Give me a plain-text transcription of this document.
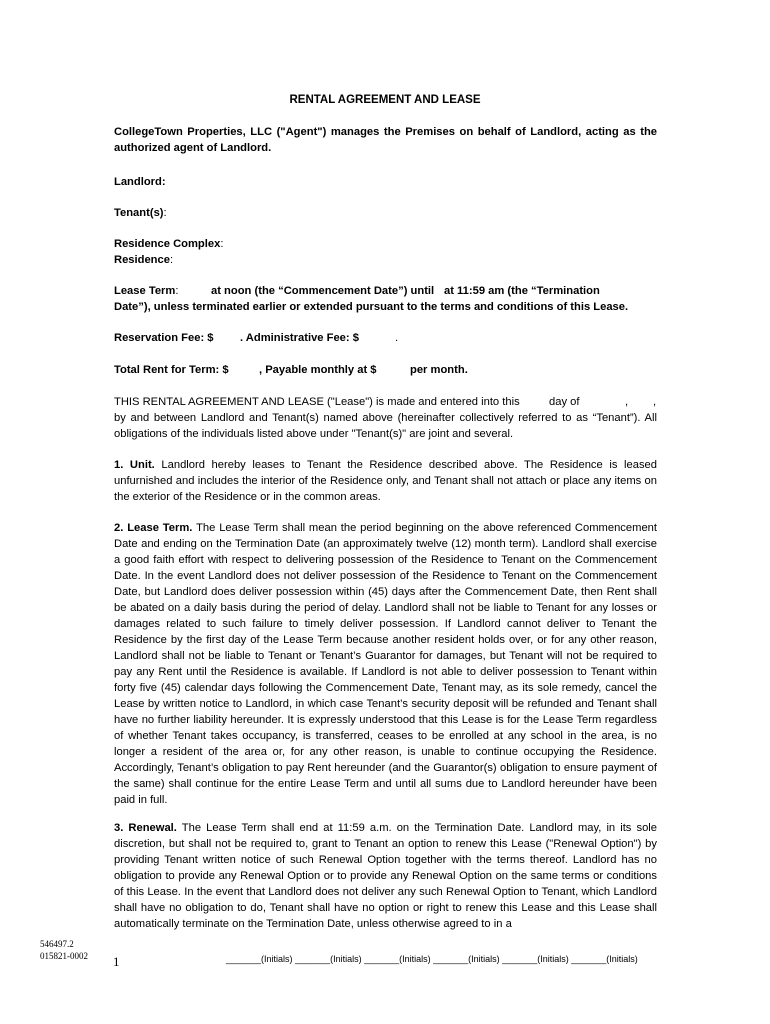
RENTAL AGREEMENT AND LEASE
CollegeTown Properties, LLC ("Agent") manages the Premises on behalf of Landlord, acting as the authorized agent of Landlord.
Landlord:
Tenant(s):
Residence Complex:
Residence:
Lease Term:	at noon (the “Commencement Date”) until at 11:59 am (the “Termination
Date”), unless terminated earlier or extended pursuant to the terms and conditions of this Lease.
Reservation Fee: $	. Administrative Fee: $	.
Total Rent for Term: $	, Payable monthly at $	per month.
THIS RENTAL AGREEMENT AND LEASE ("Lease") is made and entered into this	day of	, ,
by and between Landlord and Tenant(s) named above (hereinafter collectively referred to as “Tenant”). All obligations of the individuals listed above under "Tenant(s)" are joint and several.
1. Unit. Landlord hereby leases to Tenant the Residence described above. The Residence is leased unfurnished and includes the interior of the Residence only, and Tenant shall not attach or place any items on the exterior of the Residence or in the common areas.
2. Lease Term. The Lease Term shall mean the period beginning on the above referenced Commencement Date and ending on the Termination Date (an approximately twelve (12) month term). Landlord shall exercise a good faith effort with respect to delivering possession of the Residence to Tenant on the Commencement Date. In the event Landlord does not deliver possession of the Residence to Tenant on the Commencement Date, but Landlord does deliver possession within (45) days after the Commencement Date, then Rent shall be abated on a daily basis during the period of delay. Landlord shall not be liable to Tenant for any losses or damages related to such failure to timely deliver possession. If Landlord cannot deliver to Tenant the Residence by the first day of the Lease Term because another resident holds over, or for any other reason, Landlord shall not be liable to Tenant or Tenant’s Guarantor for damages, but Tenant will not be required to pay any Rent until the Residence is available. If Landlord is not able to deliver possession to Tenant within forty five (45) calendar days following the Commencement Date, Tenant may, as its sole remedy, cancel the Lease by written notice to Landlord, in which case Tenant’s security deposit will be refunded and Tenant shall have no further liability hereunder. It is expressly understood that this Lease is for the Lease Term regardless of whether Tenant takes occupancy, is transferred, ceases to be enrolled at any school in the area, is no longer a resident of the area or, for any other reason, is unable to continue occupying the Residence. Accordingly, Tenant’s obligation to pay Rent hereunder (and the Guarantor(s) obligation to ensure payment of the same) shall continue for the entire Lease Term and until all sums due to Landlord hereunder have been paid in full.
3. Renewal. The Lease Term shall end at 11:59 a.m. on the Termination Date. Landlord may, in its sole discretion, but shall not be required to, grant to Tenant an option to renew this Lease ("Renewal Option") by providing Tenant written notice of such Renewal Option together with the terms thereof. Landlord has no obligation to provide any Renewal Option or to provide any Renewal Option on the same terms or conditions of this Lease. In the event that Landlord does not deliver any such Renewal Option to Tenant, which Landlord shall have no obligation to do, Tenant shall have no option or right to renew this Lease and this Lease shall automatically terminate on the Termination Date, unless otherwise agreed to in a
546497.2
015821-0002 1	_______(Initials) _______(Initials) _______(Initials) _______(Initials) _______(Initials) _______(Initials)
